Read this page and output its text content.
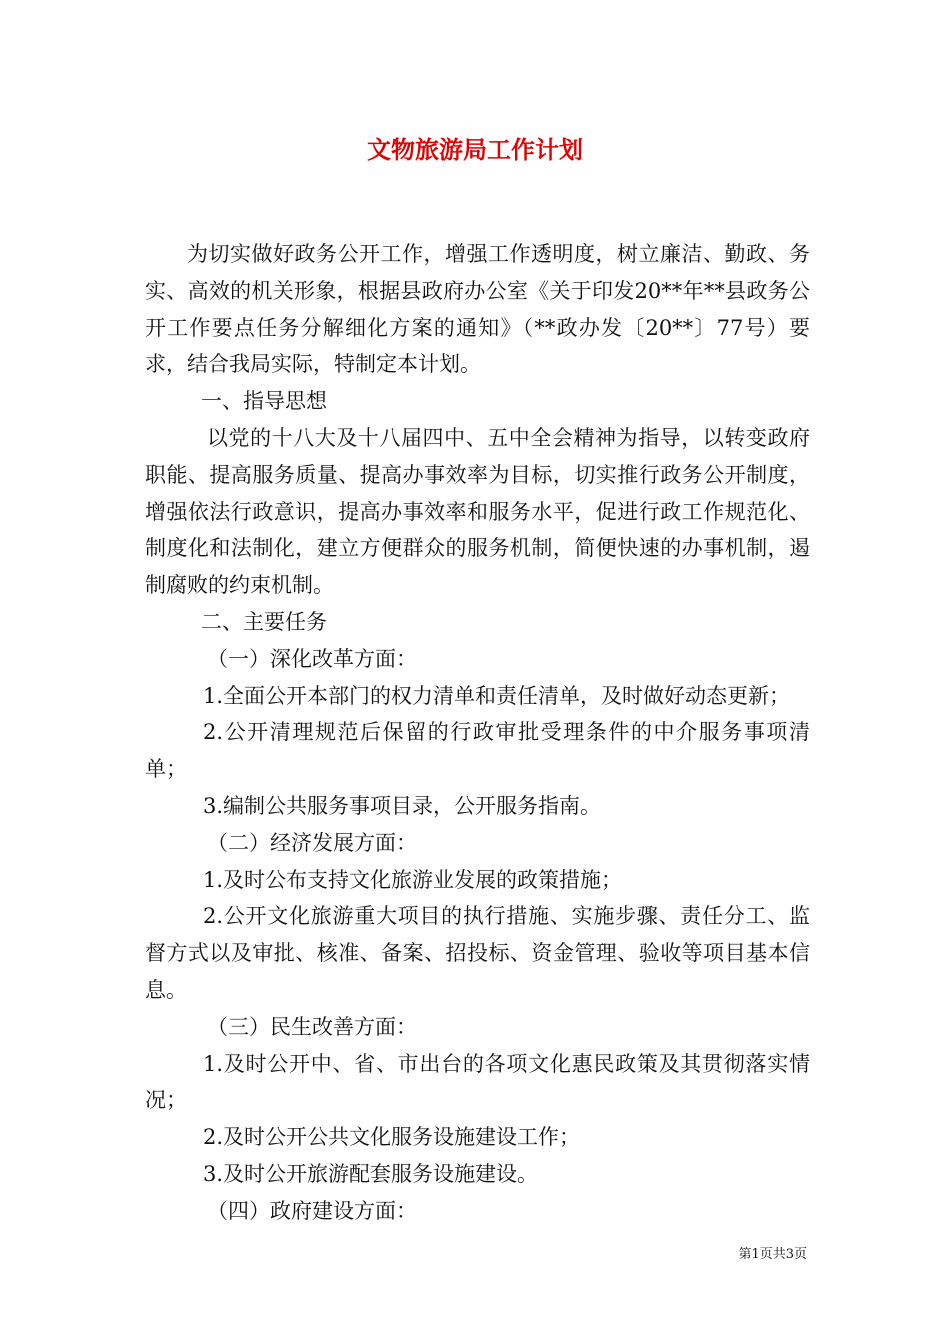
文物旅游局工作计划

为切实做好政务公开工作，增强工作透明度，树立廉洁、勤政、务实、高效的机关形象，根据县政府办公室《关于印发20**年**县政务公开工作要点任务分解细化方案的通知》（**政办发〔20**〕77号）要求，结合我局实际，特制定本计划。

一、指导思想

以党的十八大及十八届四中、五中全会精神为指导，以转变政府职能、提高服务质量、提高办事效率为目标，切实推行政务公开制度，增强依法行政意识，提高办事效率和服务水平，促进行政工作规范化、制度化和法制化，建立方便群众的服务机制，简便快速的办事机制，遏制腐败的约束机制。

二、主要任务

（一）深化改革方面：

1.全面公开本部门的权力清单和责任清单，及时做好动态更新；

2.公开清理规范后保留的行政审批受理条件的中介服务事项清单；

3.编制公共服务事项目录，公开服务指南。

（二）经济发展方面：

1.及时公布支持文化旅游业发展的政策措施；

2.公开文化旅游重大项目的执行措施、实施步骤、责任分工、监督方式以及审批、核准、备案、招投标、资金管理、验收等项目基本信息。

（三）民生改善方面：

1.及时公开中、省、市出台的各项文化惠民政策及其贯彻落实情况；

2.及时公开公共文化服务设施建设工作；

3.及时公开旅游配套服务设施建设。

（四）政府建设方面：

第1页共3页
